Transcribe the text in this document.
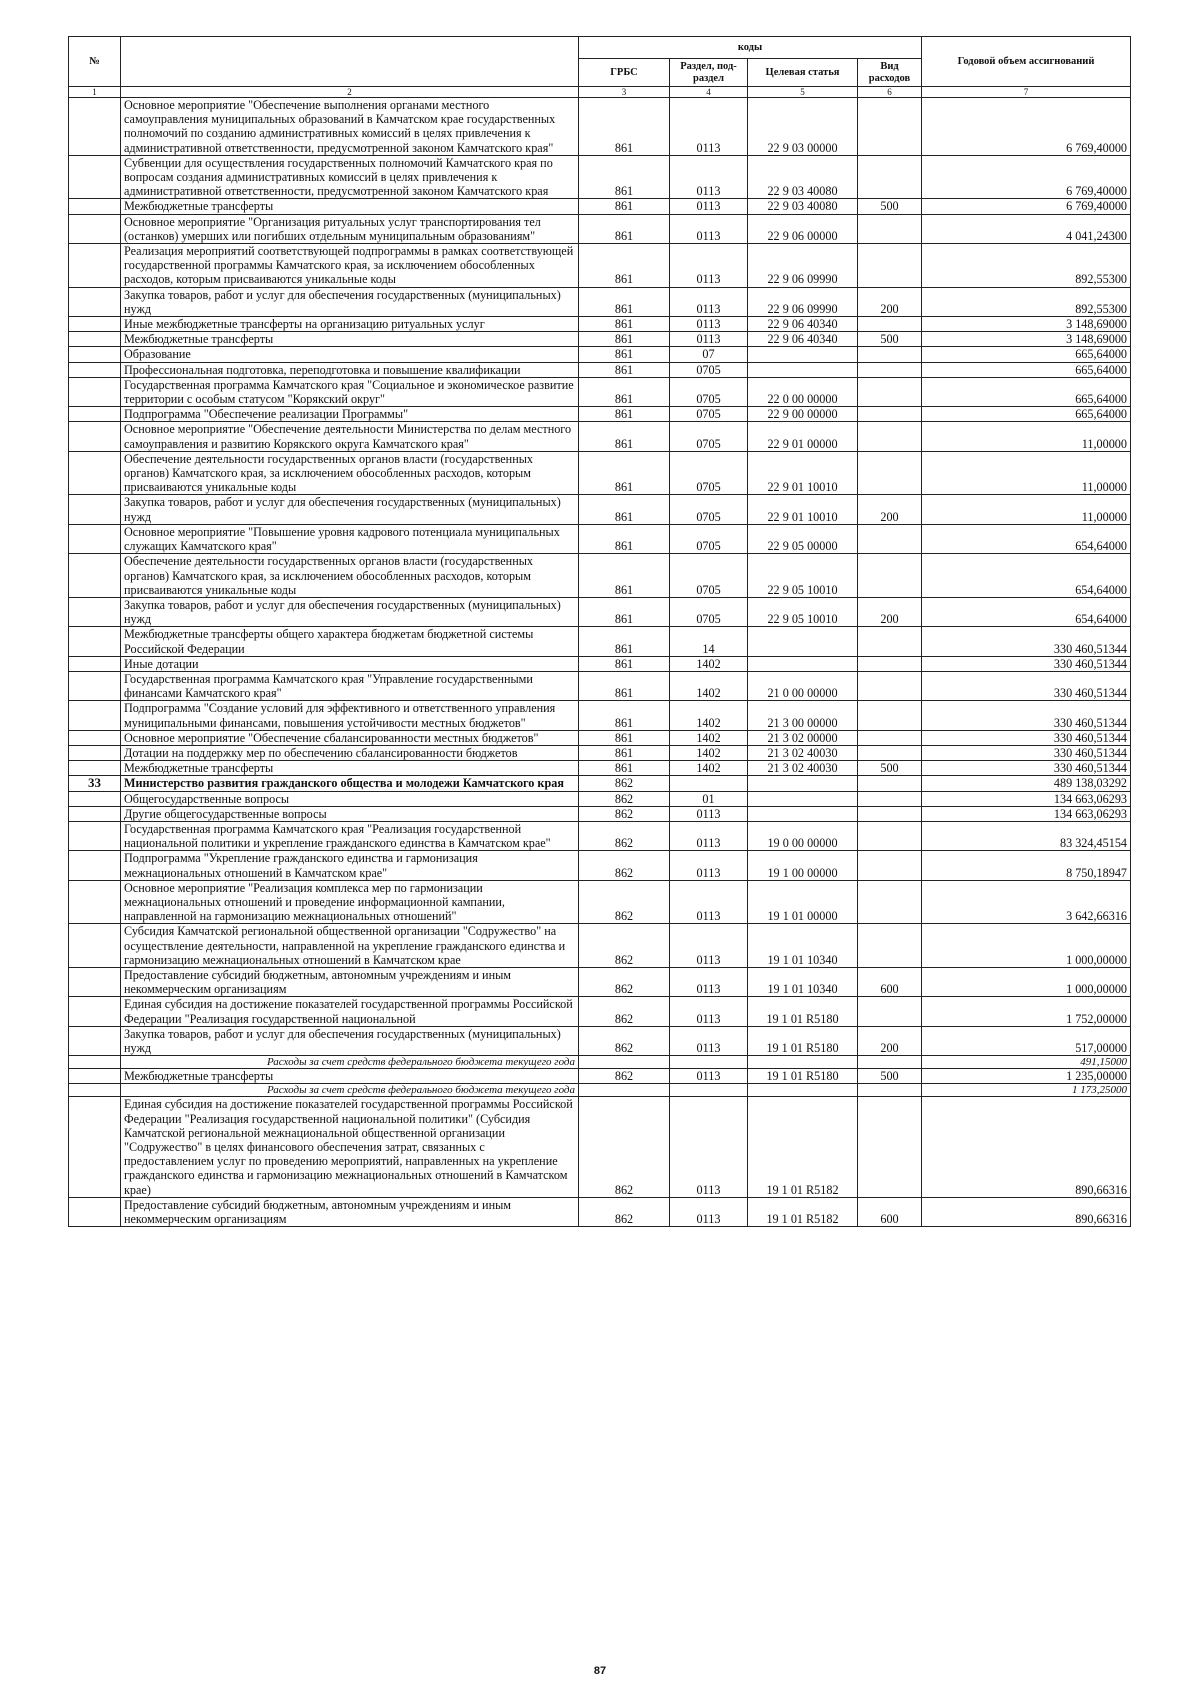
№		коды				Годовой объем ассигнований
		ГРБС	Раздел, под-раздел	Целевая статья	Вид расходов	
1	2	3	4	5	6	7
	Основное мероприятие "Обеспечение выполнения органами местного самоуправления муниципальных образований в Камчатском крае государственных полномочий по созданию административных комиссий в целях привлечения к административной ответственности, предусмотренной законом Камчатского края"	861	0113	22 9 03 00000		6 769,40000
	Субвенции для осуществления государственных полномочий Камчатского края по вопросам создания административных комиссий в целях привлечения к административной ответственности, предусмотренной законом Камчатского края	861	0113	22 9 03 40080		6 769,40000
	Межбюджетные трансферты	861	0113	22 9 03 40080	500	6 769,40000
	Основное мероприятие "Организация ритуальных услуг транспортирования тел (останков) умерших или погибших отдельным муниципальным образованиям"	861	0113	22 9 06 00000		4 041,24300
	Реализация мероприятий соответствующей подпрограммы в рамках соответствующей государственной программы Камчатского края, за исключением обособленных расходов, которым присваиваются уникальные коды	861	0113	22 9 06 09990		892,55300
	Закупка товаров, работ и услуг для обеспечения государственных (муниципальных) нужд	861	0113	22 9 06 09990	200	892,55300
	Иные межбюджетные трансферты на организацию ритуальных услуг	861	0113	22 9 06 40340		3 148,69000
	Межбюджетные трансферты	861	0113	22 9 06 40340	500	3 148,69000
	Образование	861	07			665,64000
	Профессиональная подготовка, переподготовка и повышение квалификации	861	0705			665,64000
	Государственная программа Камчатского края "Социальное и экономическое развитие территории с особым статусом "Корякский округ"	861	0705	22 0 00 00000		665,64000
	Подпрограмма "Обеспечение реализации Программы"	861	0705	22 9 00 00000		665,64000
	Основное мероприятие "Обеспечение деятельности Министерства по делам местного самоуправления и развитию Корякского округа Камчатского края"	861	0705	22 9 01 00000		11,00000
	Обеспечение деятельности государственных органов власти (государственных органов) Камчатского края, за исключением обособленных расходов, которым присваиваются уникальные коды	861	0705	22 9 01 10010		11,00000
	Закупка товаров, работ и услуг для обеспечения государственных (муниципальных) нужд	861	0705	22 9 01 10010	200	11,00000
	Основное мероприятие "Повышение уровня кадрового потенциала муниципальных служащих Камчатского края"	861	0705	22 9 05 00000		654,64000
	Обеспечение деятельности государственных органов власти (государственных органов) Камчатского края, за исключением обособленных расходов, которым присваиваются уникальные коды	861	0705	22 9 05 10010		654,64000
	Закупка товаров, работ и услуг для обеспечения государственных (муниципальных) нужд	861	0705	22 9 05 10010	200	654,64000
	Межбюджетные трансферты общего характера бюджетам бюджетной системы Российской Федерации	861	14			330 460,51344
	Иные дотации	861	1402			330 460,51344
	Государственная программа Камчатского края "Управление государственными финансами Камчатского края"	861	1402	21 0 00 00000		330 460,51344
	Подпрограмма "Создание условий для эффективного и ответственного управления муниципальными финансами, повышения устойчивости местных бюджетов"	861	1402	21 3 00 00000		330 460,51344
	Основное мероприятие "Обеспечение сбалансированности местных бюджетов"	861	1402	21 3 02 00000		330 460,51344
	Дотации на поддержку мер по обеспечению сбалансированности бюджетов	861	1402	21 3 02 40030		330 460,51344
	Межбюджетные трансферты	861	1402	21 3 02 40030	500	330 460,51344
33	Министерство развития гражданского общества и молодежи Камчатского края	862				489 138,03292
	Общегосударственные вопросы	862	01			134 663,06293
	Другие общегосударственные вопросы	862	0113			134 663,06293
	Государственная программа Камчатского края "Реализация государственной национальной политики и укрепление гражданского единства в Камчатском крае"	862	0113	19 0 00 00000		83 324,45154
	Подпрограмма "Укрепление гражданского единства и гармонизация межнациональных отношений в Камчатском крае"	862	0113	19 1 00 00000		8 750,18947
	Основное мероприятие "Реализация комплекса мер по гармонизации межнациональных отношений и проведение информационной кампании, направленной на гармонизацию межнациональных отношений"	862	0113	19 1 01 00000		3 642,66316
	Субсидия Камчатской региональной общественной организации "Содружество" на осуществление деятельности, направленной на укрепление гражданского единства и гармонизацию межнациональных отношений в Камчатском крае	862	0113	19 1 01 10340		1 000,00000
	Предоставление субсидий бюджетным, автономным учреждениям и иным некоммерческим организациям	862	0113	19 1 01 10340	600	1 000,00000
	Единая субсидия на достижение показателей государственной программы Российской Федерации "Реализация государственной национальной	862	0113	19 1 01 R5180		1 752,00000
	Закупка товаров, работ и услуг для обеспечения государственных (муниципальных) нужд	862	0113	19 1 01 R5180	200	517,00000
	Расходы за счет средств федерального бюджета текущего года					491,15000
	Межбюджетные трансферты	862	0113	19 1 01 R5180	500	1 235,00000
	Расходы за счет средств федерального бюджета текущего года					1 173,25000
	Единая субсидия на достижение показателей государственной программы Российской Федерации "Реализация государственной национальной политики" (Субсидия Камчатской региональной межнациональной общественной организации "Содружество" в целях финансового обеспечения затрат, связанных с предоставлением услуг по проведению мероприятий, направленных на укрепление гражданского единства и гармонизацию межнациональных отношений в Камчатском крае)	862	0113	19 1 01 R5182		890,66316
	Предоставление субсидий бюджетным, автономным учреждениям и иным некоммерческим организациям	862	0113	19 1 01 R5182	600	890,66316
87
